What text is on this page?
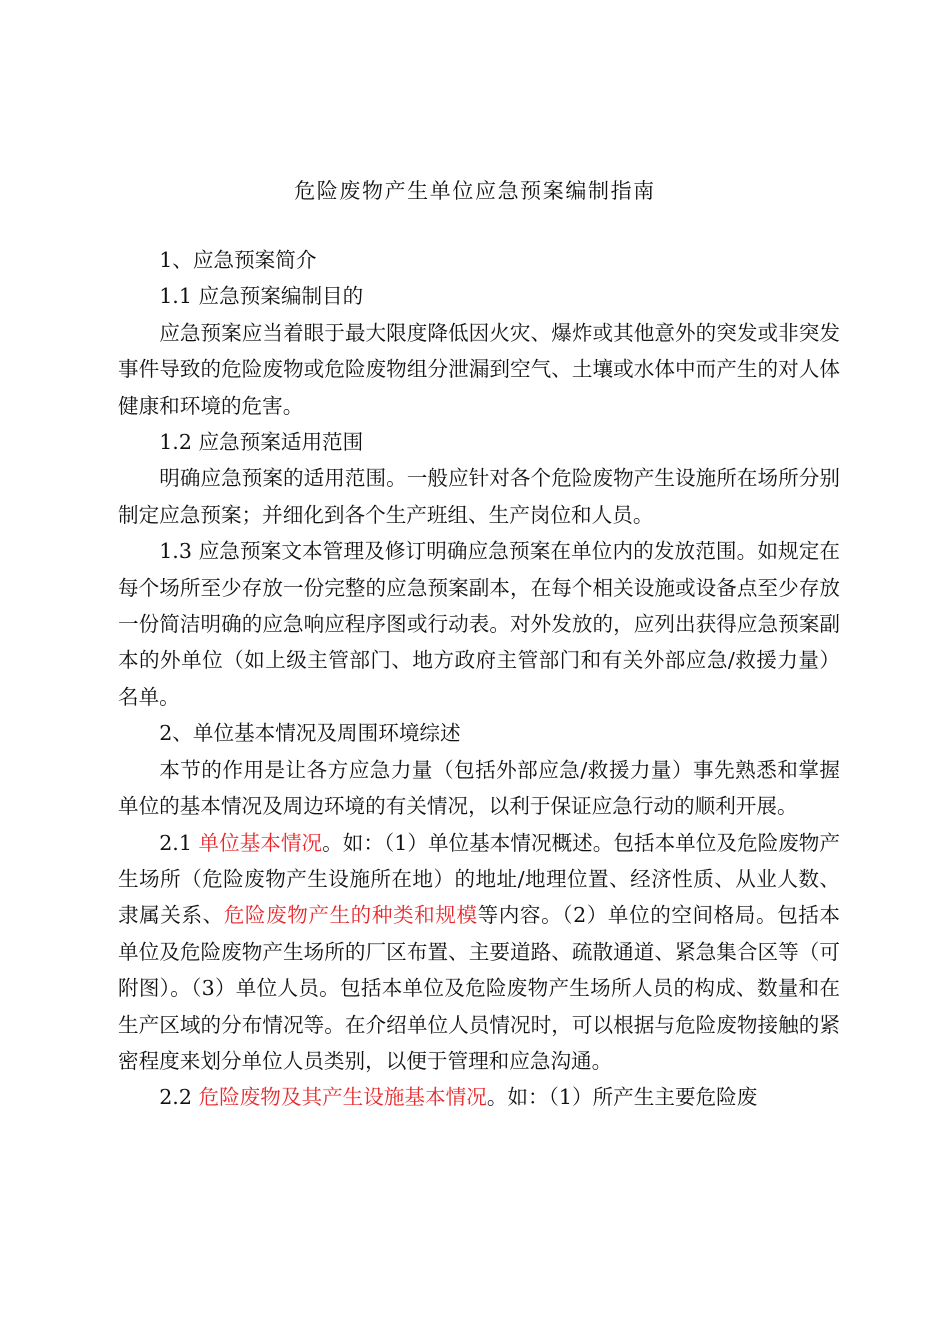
危险废物产生单位应急预案编制指南

1、应急预案简介

1.1 应急预案编制目的

应急预案应当着眼于最大限度降低因火灾、爆炸或其他意外的突发或非突发事件导致的危险废物或危险废物组分泄漏到空气、土壤或水体中而产生的对人体健康和环境的危害。

1.2 应急预案适用范围

明确应急预案的适用范围。一般应针对各个危险废物产生设施所在场所分别制定应急预案；并细化到各个生产班组、生产岗位和人员。

1.3 应急预案文本管理及修订明确应急预案在单位内的发放范围。如规定在每个场所至少存放一份完整的应急预案副本，在每个相关设施或设备点至少存放一份简洁明确的应急响应程序图或行动表。对外发放的，应列出获得应急预案副本的外单位（如上级主管部门、地方政府主管部门和有关外部应急/救援力量）名单。

2、单位基本情况及周围环境综述

本节的作用是让各方应急力量（包括外部应急/救援力量）事先熟悉和掌握单位的基本情况及周边环境的有关情况，以利于保证应急行动的顺利开展。

2.1 单位基本情况。如：（1）单位基本情况概述。包括本单位及危险废物产生场所（危险废物产生设施所在地）的地址/地理位置、经济性质、从业人数、隶属关系、危险废物产生的种类和规模等内容。（2）单位的空间格局。包括本单位及危险废物产生场所的厂区布置、主要道路、疏散通道、紧急集合区等（可附图）。（3）单位人员。包括本单位及危险废物产生场所人员的构成、数量和在生产区域的分布情况等。在介绍单位人员情况时，可以根据与危险废物接触的紧密程度来划分单位人员类别，以便于管理和应急沟通。

2.2 危险废物及其产生设施基本情况。如：（1）所产生主要危险废
